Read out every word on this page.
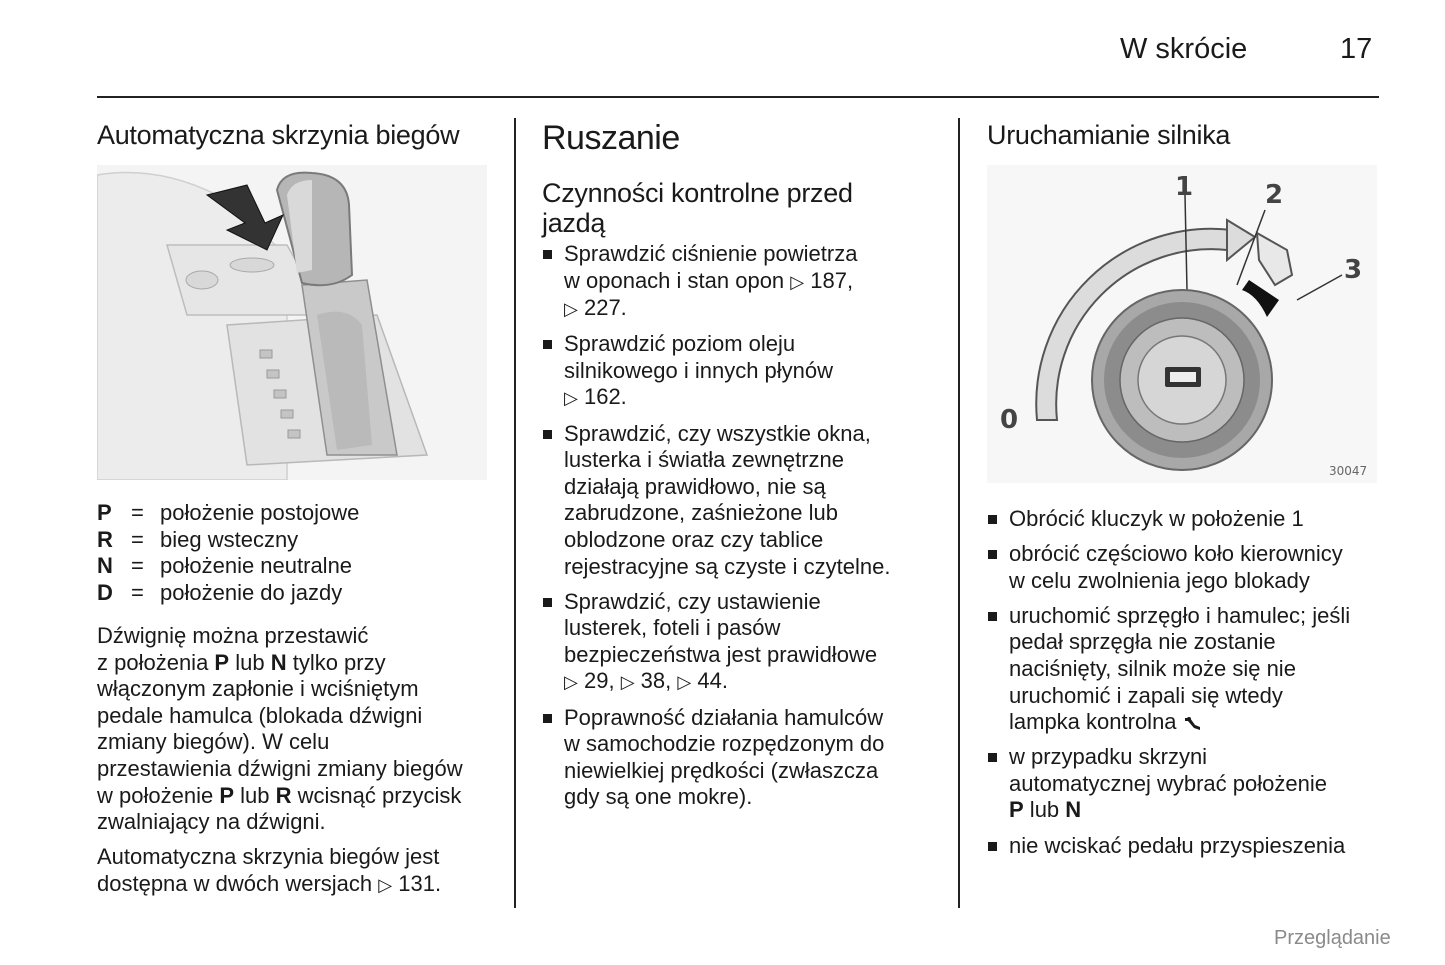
W skrócie	17
Automatyczna skrzynia biegów
P = położenie postojowe
R = bieg wsteczny
N = położenie neutralne
D = położenie do jazdy
Dźwignię można przestawić
z położenia P lub N tylko przy
włączonym zapłonie i wciśniętym
pedale hamulca (blokada dźwigni
zmiany biegów). W celu
przestawienia dźwigni zmiany biegów
w położenie P lub R wcisnąć przycisk
zwalniający na dźwigni.
Automatyczna skrzynia biegów jest
dostępna w dwóch wersjach ▷ 131.
Ruszanie
Czynności kontrolne przed
jazdą
Sprawdzić ciśnienie powietrza
w oponach i stan opon ▷ 187,
▷ 227.
Sprawdzić poziom oleju
silnikowego i innych płynów
▷ 162.
Sprawdzić, czy wszystkie okna,
lusterka i światła zewnętrzne
działają prawidłowo, nie są
zabrudzone, zaśnieżone lub
oblodzone oraz czy tablice
rejestracyjne są czyste i czytelne.
Sprawdzić, czy ustawienie
lusterek, foteli i pasów
bezpieczeństwa jest prawidłowe
▷ 29, ▷ 38, ▷ 44.
Poprawność działania hamulców
w samochodzie rozpędzonym do
niewielkiej prędkości (zwłaszcza
gdy są one mokre).
Uruchamianie silnika
1	2
3
0
30047
Obrócić kluczyk w położenie 1
obrócić częściowo koło kierownicy
w celu zwolnienia jego blokady
uruchomić sprzęgło i hamulec; jeśli
pedał sprzęgła nie zostanie
naciśnięty, silnik może się nie
uruchomić i zapali się wtedy
lampka kontrolna
w przypadku skrzyni
automatycznej wybrać położenie
P lub N
nie wciskać pedału przyspieszenia
Przeglądanie
